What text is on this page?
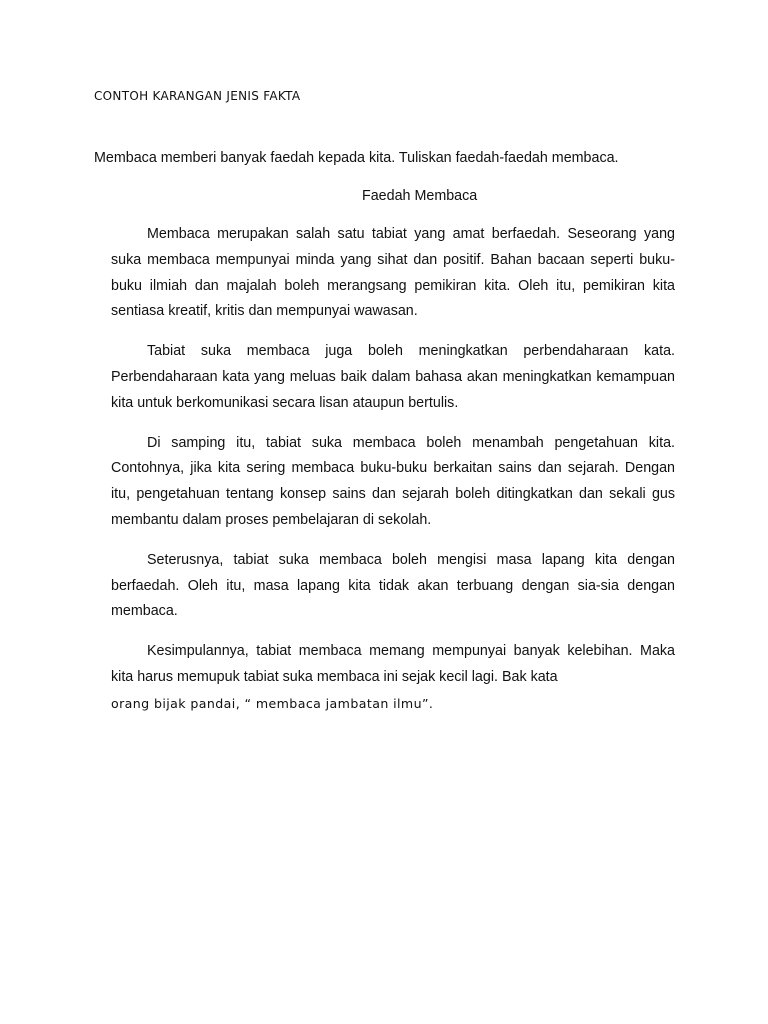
CONTOH KARANGAN JENIS FAKTA
Membaca memberi banyak faedah kepada kita. Tuliskan faedah-faedah membaca.
Faedah Membaca

Membaca merupakan salah satu tabiat yang amat berfaedah. Seseorang yang suka membaca mempunyai minda yang sihat dan positif. Bahan bacaan seperti buku-buku ilmiah dan majalah boleh merangsang pemikiran kita. Oleh itu, pemikiran kita sentiasa kreatif, kritis dan mempunyai wawasan.

Tabiat suka membaca juga boleh meningkatkan perbendaharaan kata. Perbendaharaan kata yang meluas baik dalam bahasa akan meningkatkan kemampuan kita untuk berkomunikasi secara lisan ataupun bertulis.

Di samping itu, tabiat suka membaca boleh menambah pengetahuan kita. Contohnya, jika kita sering membaca buku-buku berkaitan sains dan sejarah. Dengan itu, pengetahuan tentang konsep sains dan sejarah boleh ditingkatkan dan sekali gus membantu dalam proses pembelajaran di sekolah.

Seterusnya, tabiat suka membaca boleh mengisi masa lapang kita dengan berfaedah. Oleh itu, masa lapang kita tidak akan terbuang dengan sia-sia dengan membaca.

Kesimpulannya, tabiat membaca memang mempunyai banyak kelebihan. Maka kita harus memupuk tabiat suka membaca ini sejak kecil lagi. Bak kata
orang bijak pandai, “ membaca jambatan ilmu”.
